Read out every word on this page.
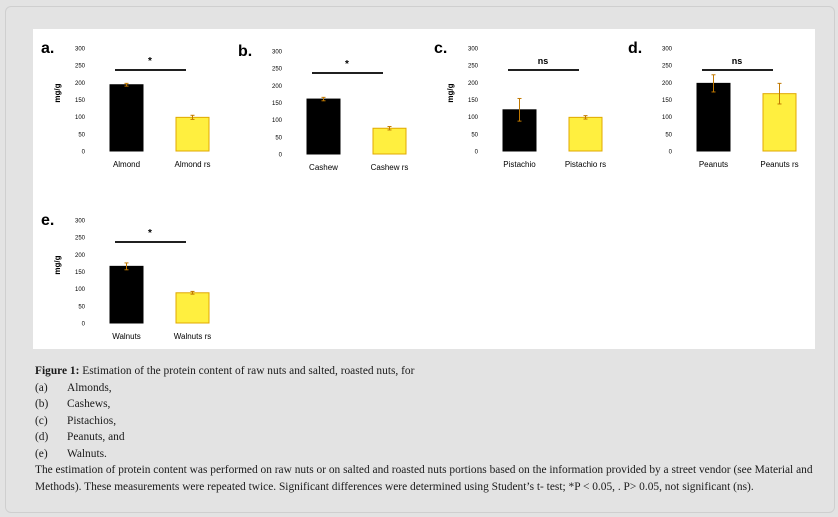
a.
0
50
100
150
200
250
300
mg/g
Almond	Almond rs
*
b.
0
50
100
150
200
250
300
Cashew	Cashew rs
*
c.
0
50
100
150
200
250
300
mg/g
Pistachio	Pistachio rs
ns
d.
0
50
100
150
200
250
300
Peanuts	Peanuts rs
ns
e.
0
50
100
150
200
250
300
mg/g
Walnuts	Walnuts rs
*
Figure 1: Estimation of the protein content of raw nuts and salted, roasted nuts, for
(a)	Almonds,
(b)	Cashews,
(c)	Pistachios,
(d)	Peanuts, and
(e)	Walnuts.
The estimation of protein content was performed on raw nuts or on salted and roasted nuts portions based on the information provided by a street vendor (see Material and Methods). These measurements were repeated twice. Significant differences were determined using Student’s t- test; *P < 0.05, . P> 0.05, not significant (ns).
